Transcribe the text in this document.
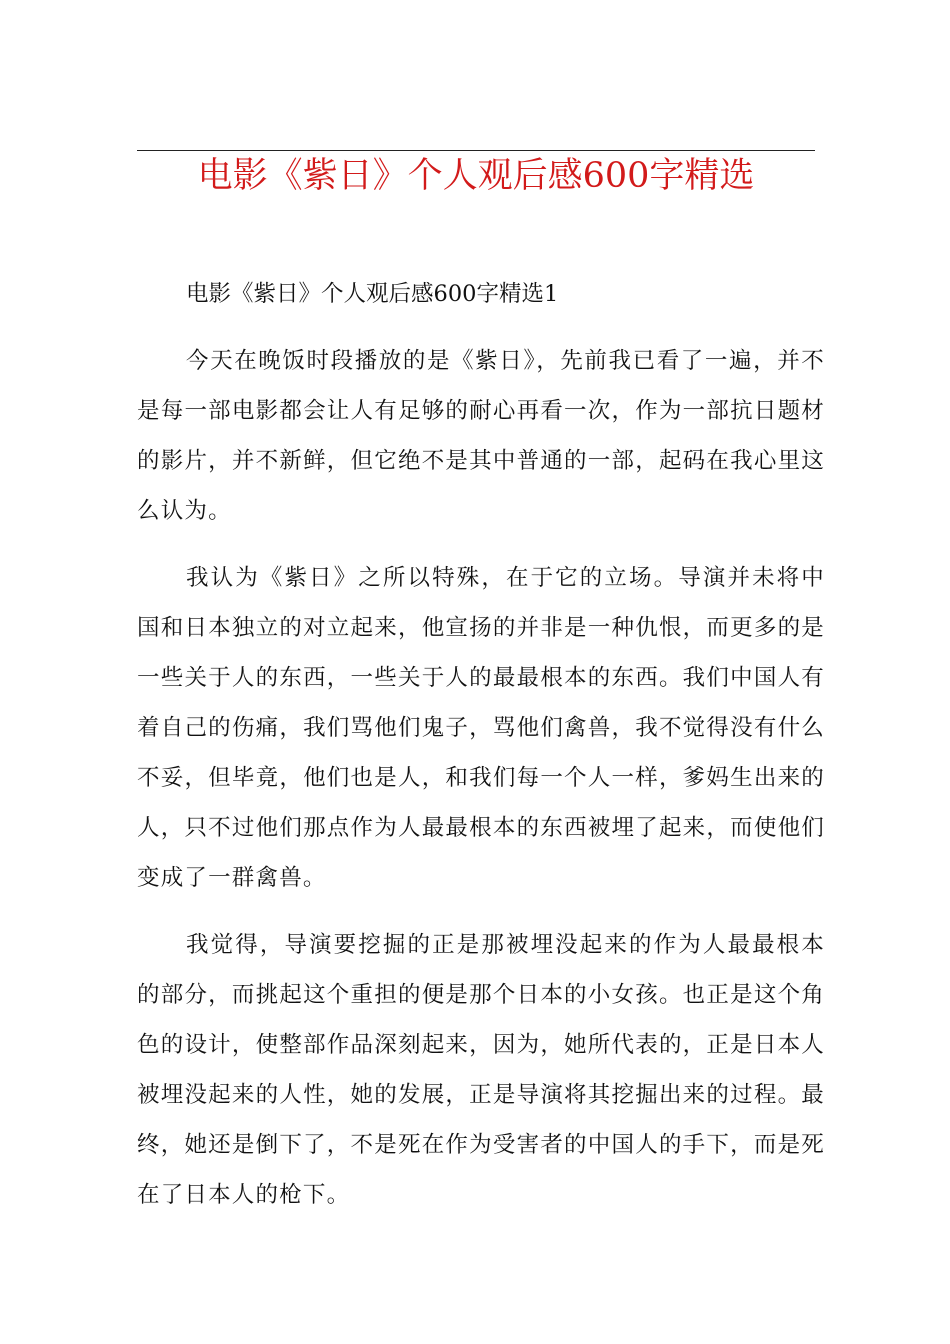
电影《紫日》个人观后感600字精选

电影《紫日》个人观后感600字精选1

今天在晚饭时段播放的是《紫日》，先前我已看了一遍，并不是每一部电影都会让人有足够的耐心再看一次，作为一部抗日题材的影片，并不新鲜，但它绝不是其中普通的一部，起码在我心里这么认为。

我认为《紫日》之所以特殊，在于它的立场。导演并未将中国和日本独立的对立起来，他宣扬的并非是一种仇恨，而更多的是一些关于人的东西，一些关于人的最最根本的东西。我们中国人有着自己的伤痛，我们骂他们鬼子，骂他们禽兽，我不觉得没有什么不妥，但毕竟，他们也是人，和我们每一个人一样，爹妈生出来的人，只不过他们那点作为人最最根本的东西被埋了起来，而使他们变成了一群禽兽。

我觉得，导演要挖掘的正是那被埋没起来的作为人最最根本的部分，而挑起这个重担的便是那个日本的小女孩。也正是这个角色的设计，使整部作品深刻起来，因为，她所代表的，正是日本人被埋没起来的人性，她的发展，正是导演将其挖掘出来的过程。最终，她还是倒下了，不是死在作为受害者的中国人的手下，而是死在了日本人的枪下。
